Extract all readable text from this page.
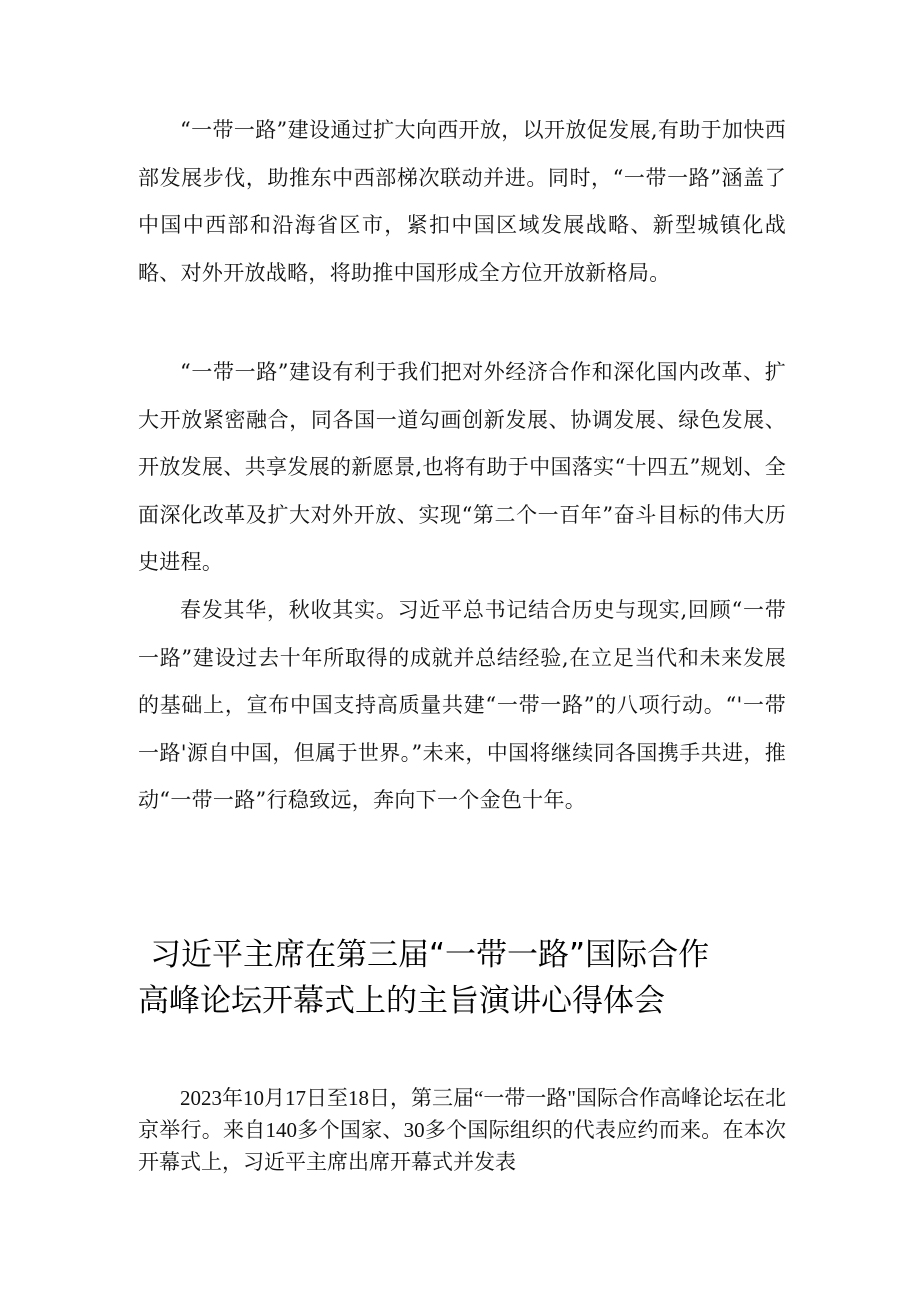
“一带一路”建设通过扩大向西开放，以开放促发展,有助于加快西部发展步伐，助推东中西部梯次联动并进。同时，“一带一路”涵盖了中国中西部和沿海省区市，紧扣中国区域发展战略、新型城镇化战略、对外开放战略，将助推中国形成全方位开放新格局。

“一带一路”建设有利于我们把对外经济合作和深化国内改革、扩大开放紧密融合，同各国一道勾画创新发展、协调发展、绿色发展、开放发展、共享发展的新愿景,也将有助于中国落实“十四五”规划、全面深化改革及扩大对外开放、实现“第二个一百年”奋斗目标的伟大历史进程。

春发其华，秋收其实。习近平总书记结合历史与现实,回顾“一带一路”建设过去十年所取得的成就并总结经验,在立足当代和未来发展的基础上，宣布中国支持高质量共建“一带一路”的八项行动。“'一带一路'源自中国，但属于世界。”未来，中国将继续同各国携手共进，推动“一带一路”行稳致远，奔向下一个金色十年。

习近平主席在第三届“一带一路”国际合作
高峰论坛开幕式上的主旨演讲心得体会

2023年10月17日至18日，第三届“一带一路"国际合作高峰论坛在北京举行。来自140多个国家、30多个国际组织的代表应约而来。在本次开幕式上，习近平主席出席开幕式并发表
